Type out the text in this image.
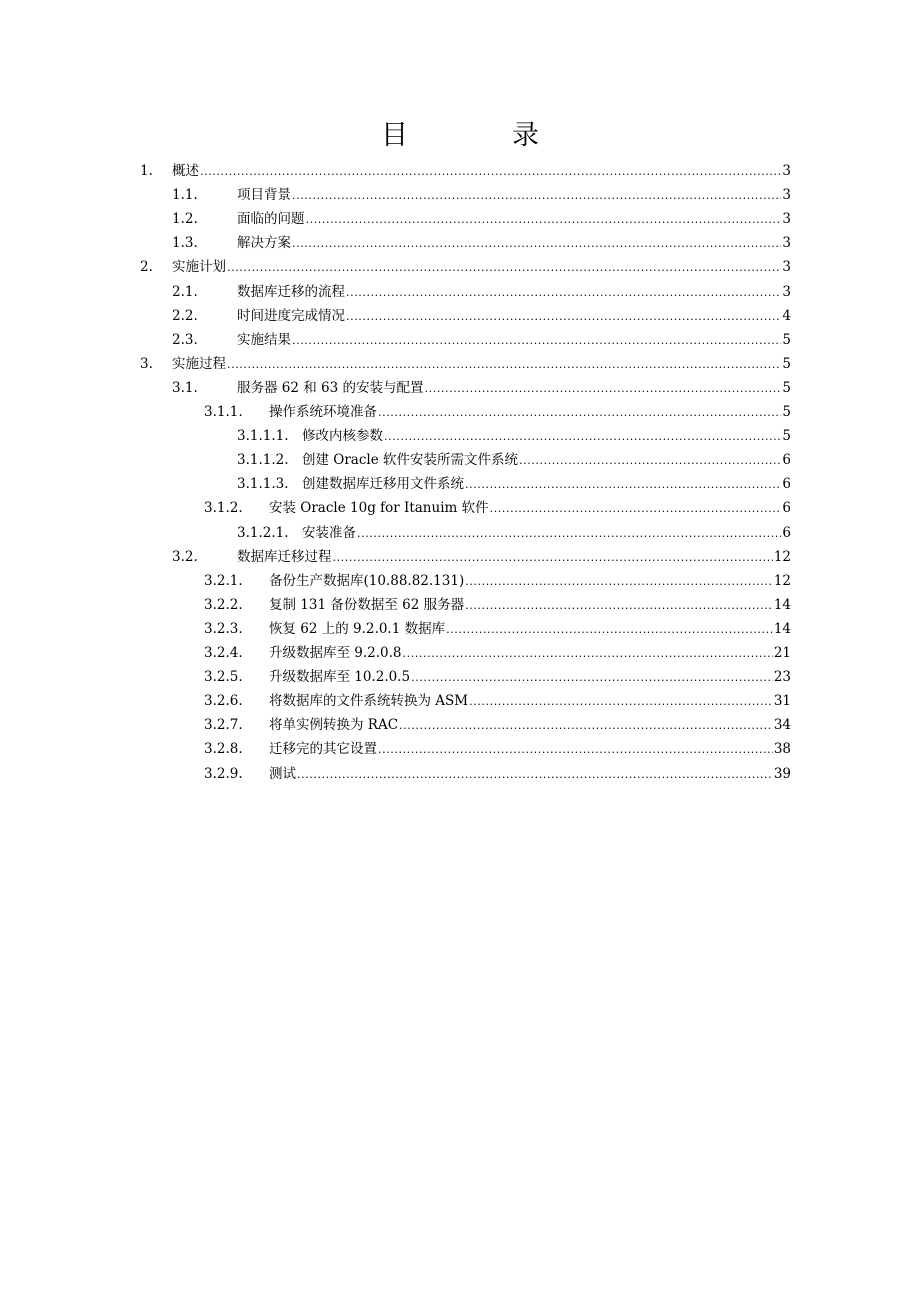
目	录
1. 概述 .....	3
1.1.	项目背景 .....	3
1.2.	面临的问题 .....	3
1.3.	解决方案 .....	3
2. 实施计划 .....	3
2.1.	数据库迁移的流程 .....	3
2.2.	时间进度完成情况 .....	4
2.3.	实施结果 .....	5
3. 实施过程 .....	5
3.1.	服务器 62 和 63 的安装与配置 .....	5
3.1.1. 操作系统环境准备 .....	5
3.1.1.1. 修改内核参数 .....	5
3.1.1.2. 创建 Oracle 软件安装所需文件系统 .....	6
3.1.1.3. 创建数据库迁移用文件系统 .....	6
3.1.2. 安装 Oracle 10g for Itanuim 软件 .....	6
3.1.2.1. 安装准备 .....	6
3.2.	数据库迁移过程 .....	12
3.2.1. 备份生产数据库(10.88.82.131) .....	12
3.2.2. 复制 131 备份数据至 62 服务器 .....	14
3.2.3. 恢复 62 上的 9.2.0.1 数据库 .....	14
3.2.4. 升级数据库至 9.2.0.8 .....	21
3.2.5. 升级数据库至 10.2.0.5 .....	23
3.2.6. 将数据库的文件系统转换为 ASM .....	31
3.2.7. 将单实例转换为 RAC .....	34
3.2.8. 迁移完的其它设置 .....	38
3.2.9. 测试 .....	39
